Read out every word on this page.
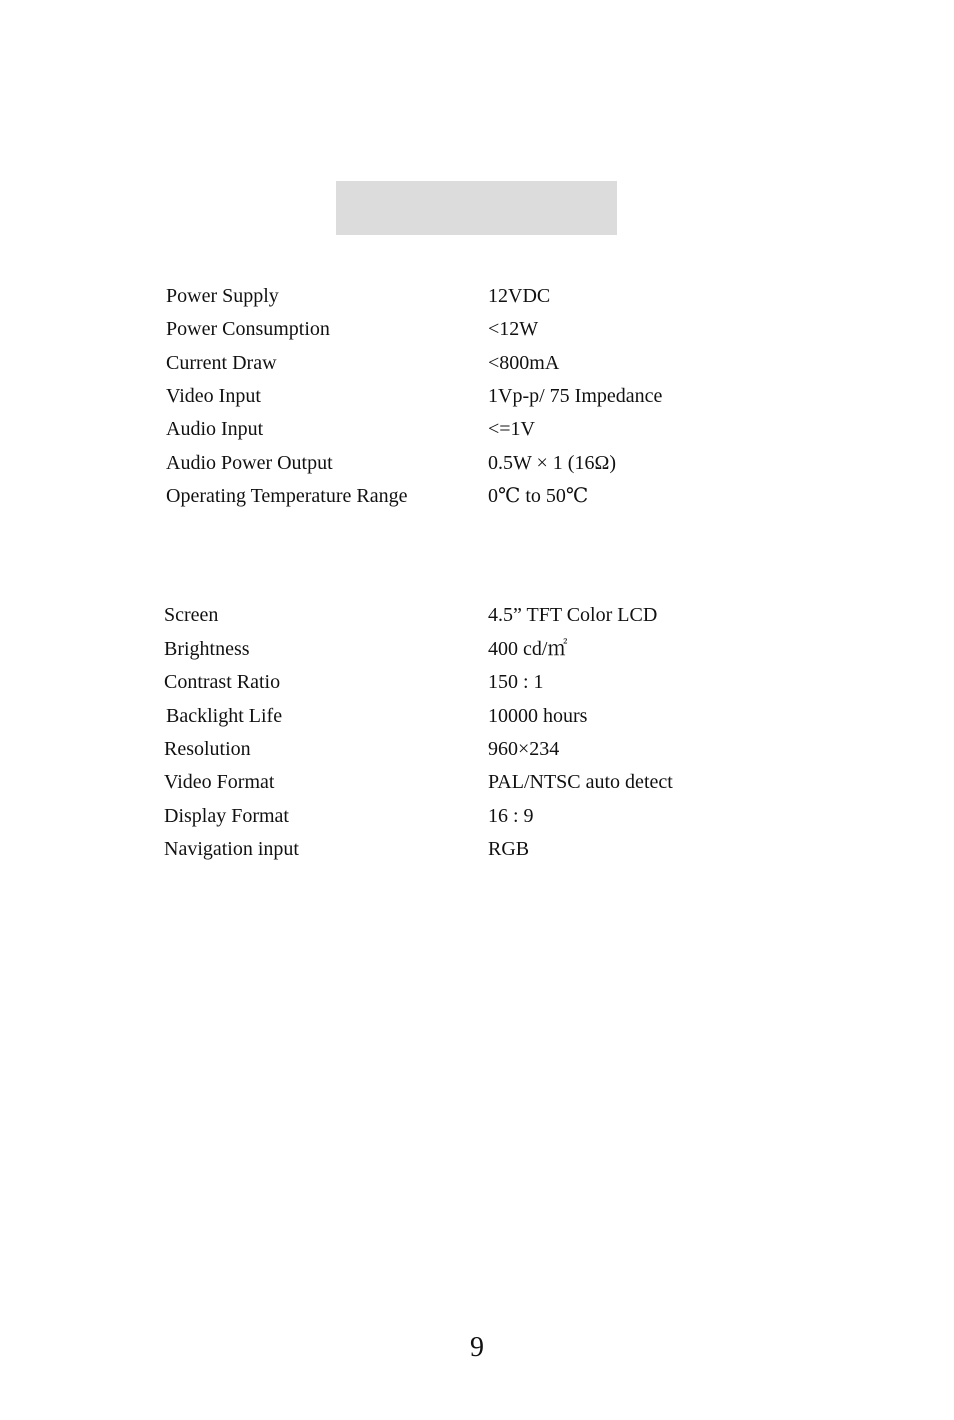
Power Supply	12VDC
Power Consumption	<12W
Current Draw	<800mA
Video Input	1Vp-p/ 75 Impedance
Audio Input	<=1V
Audio Power Output	0.5W × 1 (16Ω)
Operating Temperature Range	0℃ to 50℃
Screen	4.5” TFT Color LCD
Brightness	400 cd/㎡
Contrast Ratio	150 : 1
Backlight Life	10000 hours
Resolution	960×234
Video Format	PAL/NTSC auto detect
Display Format	16 : 9
Navigation input	RGB
9
